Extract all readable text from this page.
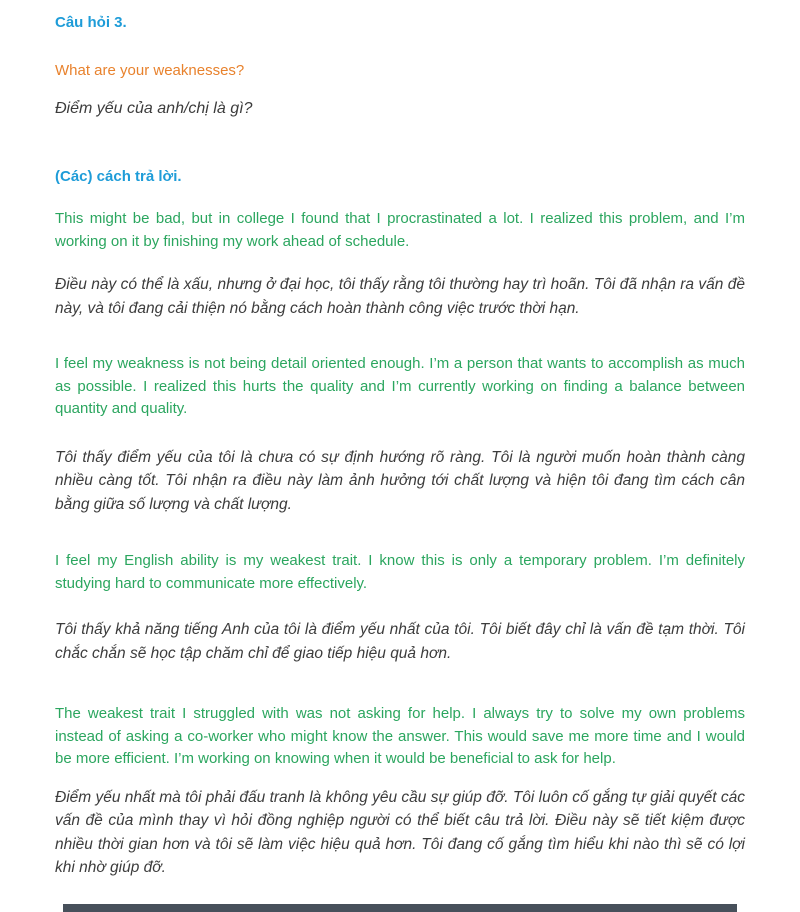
Câu hỏi 3.

What are your weaknesses?

Điểm yếu của anh/chị là gì?

(Các) cách trả lời.

This might be bad, but in college I found that I procrastinated a lot. I realized this problem, and I’m working on it by finishing my work ahead of schedule.

Điều này có thể là xấu, nhưng ở đại học, tôi thấy rằng tôi thường hay trì hoãn. Tôi đã nhận ra vấn đề này, và tôi đang cải thiện nó bằng cách hoàn thành công việc trước thời hạn.

I feel my weakness is not being detail oriented enough. I’m a person that wants to accomplish as much as possible. I realized this hurts the quality and I’m currently working on finding a balance between quantity and quality.

Tôi thấy điểm yếu của tôi là chưa có sự định hướng rõ ràng. Tôi là người muốn hoàn thành càng nhiều càng tốt. Tôi nhận ra điều này làm ảnh hưởng tới chất lượng và hiện tôi đang tìm cách cân bằng giữa số lượng và chất lượng.

I feel my English ability is my weakest trait. I know this is only a temporary problem. I’m definitely studying hard to communicate more effectively.

Tôi thấy khả năng tiếng Anh của tôi là điểm yếu nhất của tôi. Tôi biết đây chỉ là vấn đề tạm thời. Tôi chắc chắn sẽ học tập chăm chỉ để giao tiếp hiệu quả hơn.

The weakest trait I struggled with was not asking for help. I always try to solve my own problems instead of asking a co-worker who might know the answer. This would save me more time and I would be more efficient. I’m working on knowing when it would be beneficial to ask for help.

Điểm yếu nhất mà tôi phải đấu tranh là không yêu cầu sự giúp đỡ. Tôi luôn cố gắng tự giải quyết các vấn đề của mình thay vì hỏi đồng nghiệp người có thể biết câu trả lời. Điều này sẽ tiết kiệm được nhiều thời gian hơn và tôi sẽ làm việc hiệu quả hơn. Tôi đang cố gắng tìm hiểu khi nào thì sẽ có lợi khi nhờ giúp đỡ.
